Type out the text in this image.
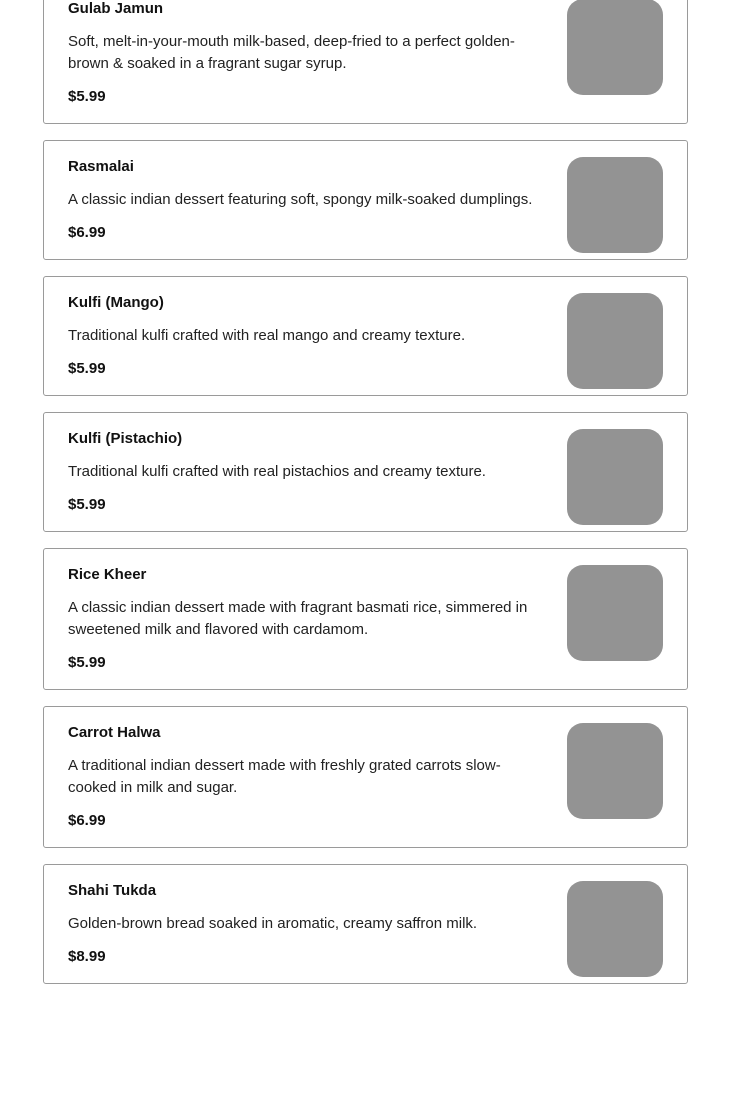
Gulab Jamun
Soft, melt-in-your-mouth milk-based, deep-fried to a perfect golden-brown & soaked in a fragrant sugar syrup.
$5.99
Rasmalai
A classic indian dessert featuring soft, spongy milk-soaked dumplings.
$6.99
Kulfi (Mango)
Traditional kulfi crafted with real mango and creamy texture.
$5.99
Kulfi (Pistachio)
Traditional kulfi crafted with real pistachios and creamy texture.
$5.99
Rice Kheer
A classic indian dessert made with fragrant basmati rice, simmered in sweetened milk and flavored with cardamom.
$5.99
Carrot Halwa
A traditional indian dessert made with freshly grated carrots slow-cooked in milk and sugar.
$6.99
Shahi Tukda
Golden-brown bread soaked in aromatic, creamy saffron milk.
$8.99
